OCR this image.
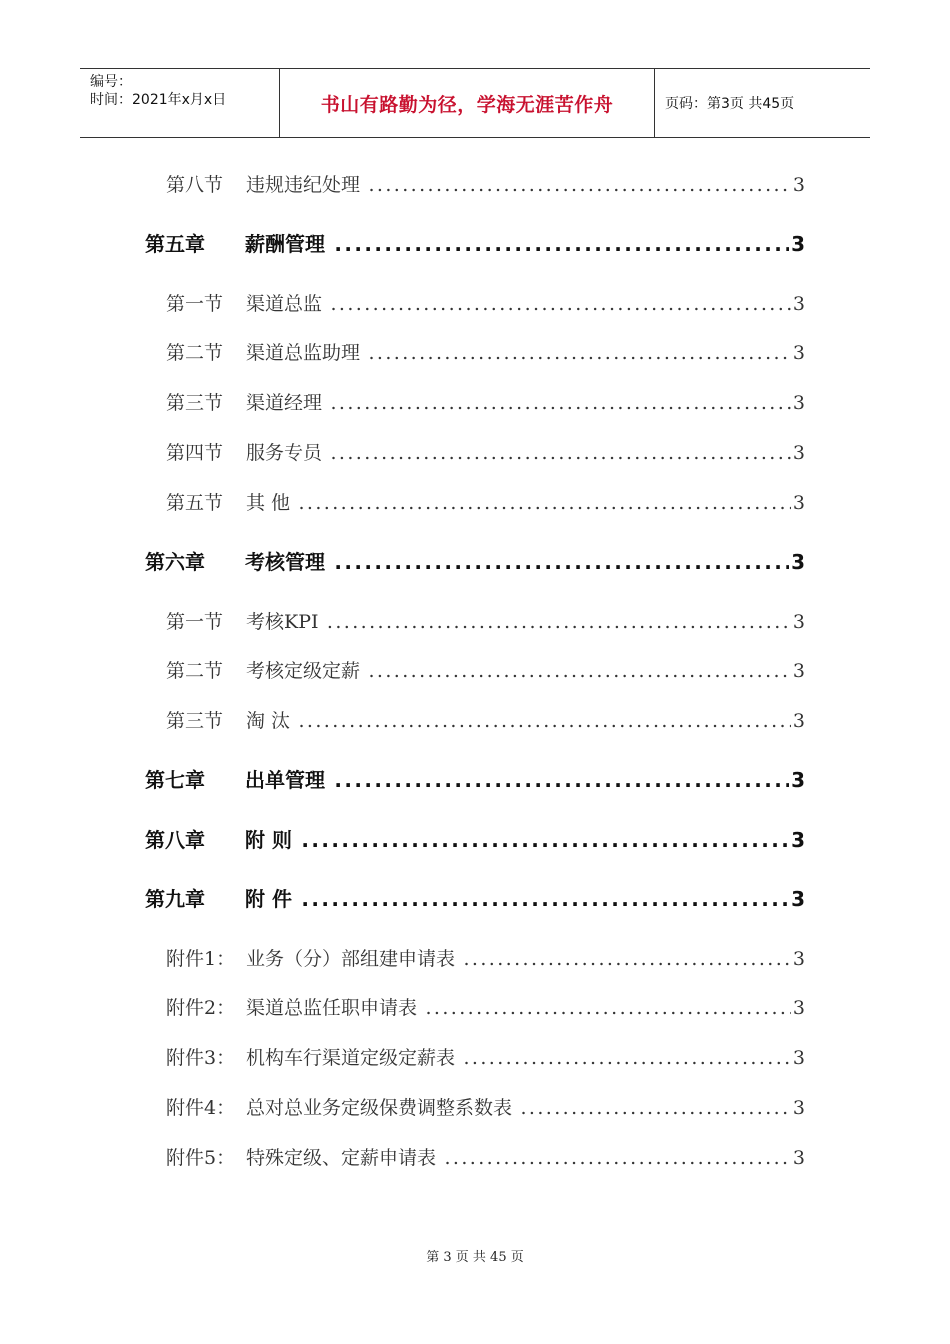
编号：
时间：2021年x月x日	书山有路勤为径，学海无涯苦作舟	页码：第3页 共45页
第八节 违规违纪处理 .....	3
第五章 薪酬管理 .....	3
第一节 渠道总监 .....	3
第二节 渠道总监助理 .....	3
第三节 渠道经理 .....	3
第四节 服务专员 .....	3
第五节 其 他 .....	3
第六章 考核管理 .....	3
第一节 考核KPI .....	3
第二节 考核定级定薪 .....	3
第三节 淘 汰 .....	3
第七章 出单管理 .....	3
第八章 附 则 .....	3
第九章 附 件 .....	3
附件1： 业务（分）部组建申请表 .....	3
附件2： 渠道总监任职申请表 .....	3
附件3： 机构车行渠道定级定薪表 .....	3
附件4： 总对总业务定级保费调整系数表 .....	3
附件5： 特殊定级、定薪申请表 .....	3
第 3 页 共 45 页
